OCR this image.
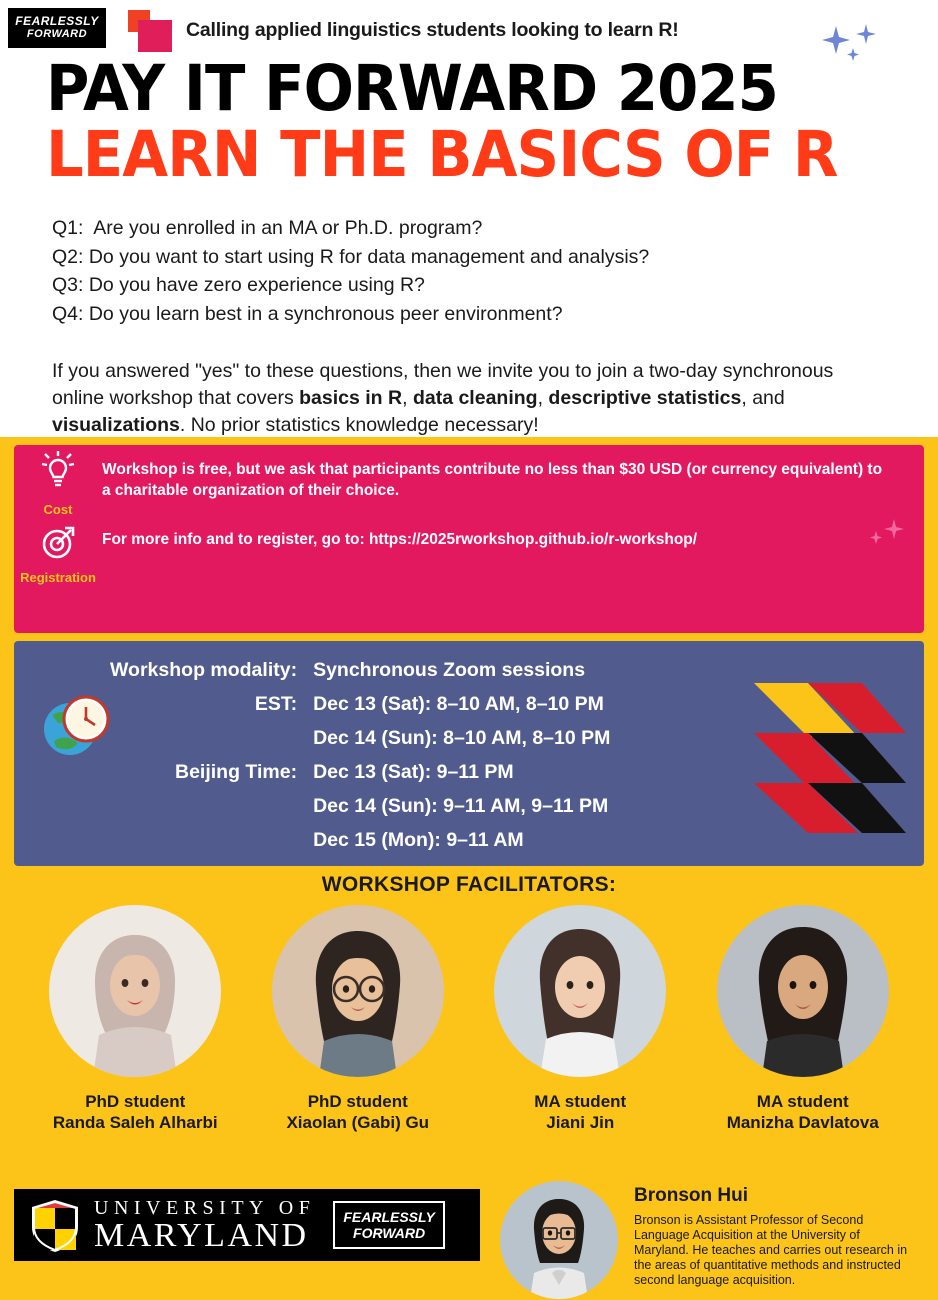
FEARLESSLY
FORWARD	Calling applied linguistics students looking to learn R!
PAY IT FORWARD 2025
LEARN THE BASICS OF R
Q1:  Are you enrolled in an MA or Ph.D. program?
Q2: Do you want to start using R for data management and analysis?
Q3: Do you have zero experience using R?
Q4: Do you learn best in a synchronous peer environment?
If you answered "yes" to these questions, then we invite you to join a two-day synchronous online workshop that covers basics in R, data cleaning, descriptive statistics, and visualizations. No prior statistics knowledge necessary!
Cost
Workshop is free, but we ask that participants contribute no less than $30 USD (or currency equivalent) to a charitable organization of their choice.
Registration
For more info and to register, go to: https://2025rworkshop.github.io/r-workshop/
Workshop modality:	Synchronous Zoom sessions
EST:	Dec 13 (Sat): 8–10 AM, 8–10 PM
	Dec 14 (Sun): 8–10 AM, 8–10 PM
Beijing Time:	Dec 13 (Sat): 9–11 PM
	Dec 14 (Sun): 9–11 AM, 9–11 PM
	Dec 15 (Mon): 9–11 AM
WORKSHOP FACILITATORS:
PhD student
Randa Saleh Alharbi
PhD student
Xiaolan (Gabi) Gu
MA student
Jiani Jin
MA student
Manizha Davlatova
UNIVERSITY OF
MARYLAND	FEARLESSLY
FORWARD
Bronson Hui
Bronson is Assistant Professor of Second Language Acquisition at the University of Maryland. He teaches and carries out research in the areas of quantitative methods and instructed second language acquisition.
